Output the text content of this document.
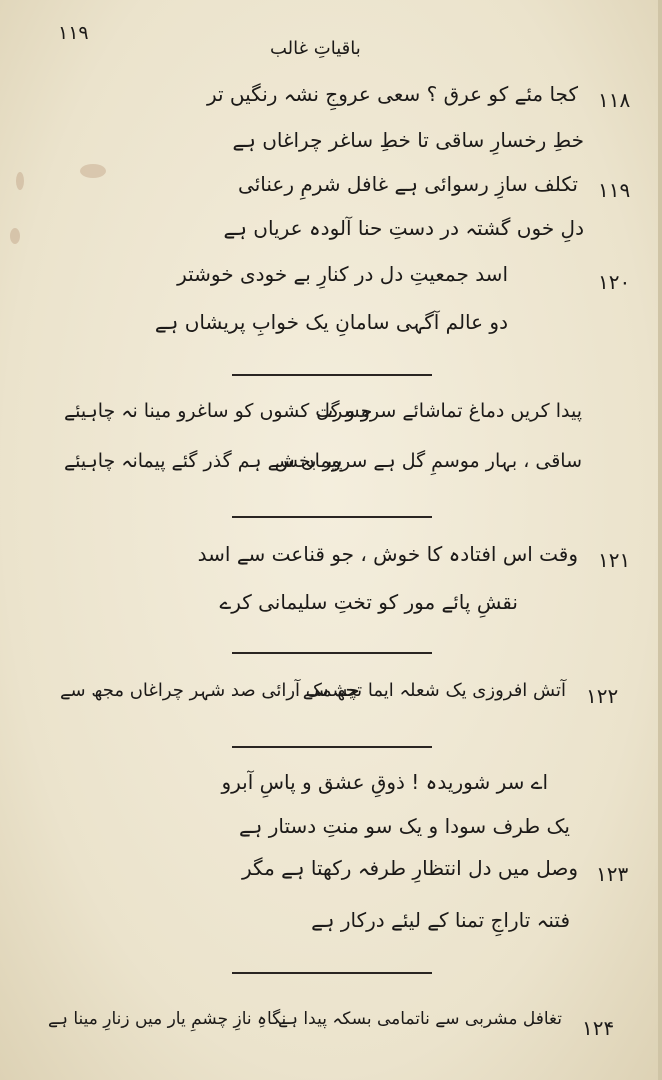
۱۱۹
باقیاتِ غالب
۱۱۸
کجا مئے کو عرق ؟ سعی عروجِ نشہ رنگیں تر
خطِ رخسارِ ساقی تا خطِ ساغر چراغاں ہے
۱۱۹
تکلف سازِ رسوائی ہے غافل شرمِ رعنائی
دلِ خوں گشتہ در دستِ حنا آلودہ عریاں ہے
۱۲۰
اسد جمعیتِ دل در کنارِ بے خودی خوشتر
دو عالم آگہی سامانِ یک خوابِ پریشاں ہے
پیدا کریں دماغ تماشائے سرو و گل
حسرت کشوں کو ساغرو مینا نہ چاہیئے
ساقی ، بہار موسمِ گل ہے سرور بخش
پیماں سے ہم گذر گئے پیمانہ چاہیئے
۱۲۱
وقت اس افتادہ کا خوش ، جو قناعت سے اسد
نقشِ پائے مور کو تختِ سلیمانی کرے
۱۲۲
آتش افروزی یک شعلہ ایما تجھ سے
چشمک آرائی صد شہر چراغاں مجھ سے
اے سر شوریدہ ! ذوقِ عشق و پاسِ آبرو
یک طرف سودا و یک سو منتِ دستار ہے
۱۲۳
وصل میں دل انتظارِ طرفہ رکھتا ہے مگر
فتنہ تاراجِ تمنا کے لیئے درکار ہے
۱۲۴
تغافل مشربی سے ناتمامی بسکہ پیدا ہے
نگاہِ نازِ چشمِ یار میں زنارِ مینا ہے
